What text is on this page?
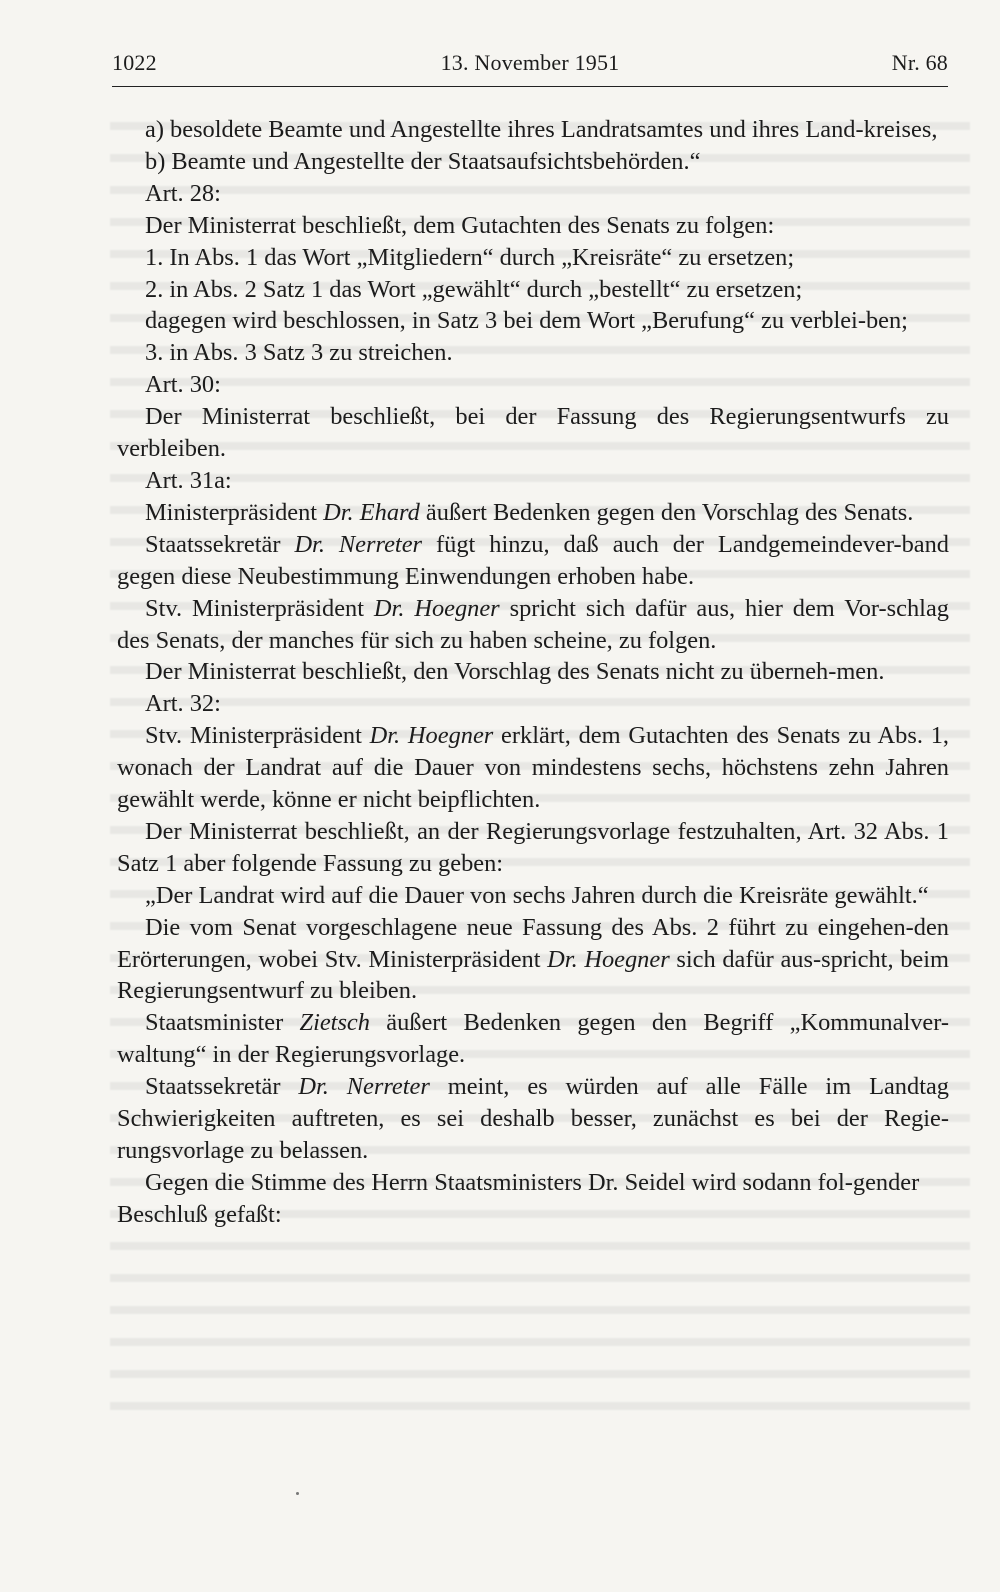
1022	13. November 1951	Nr. 68

a) besoldete Beamte und Angestellte ihres Landratsamtes und ihres Land-kreises,

b) Beamte und Angestellte der Staatsaufsichtsbehörden.“

Art. 28:

Der Ministerrat beschließt, dem Gutachten des Senats zu folgen:

1. In Abs. 1 das Wort „Mitgliedern“ durch „Kreisräte“ zu ersetzen;

2. in Abs. 2 Satz 1 das Wort „gewählt“ durch „bestellt“ zu ersetzen;

dagegen wird beschlossen, in Satz 3 bei dem Wort „Berufung“ zu verblei-ben;

3. in Abs. 3 Satz 3 zu streichen.

Art. 30:

Der Ministerrat beschließt, bei der Fassung des Regierungsentwurfs zu verbleiben.

Art. 31a:

Ministerpräsident Dr. Ehard äußert Bedenken gegen den Vorschlag des Senats.

Staatssekretär Dr. Nerreter fügt hinzu, daß auch der Landgemeindever-band gegen diese Neubestimmung Einwendungen erhoben habe.

Stv. Ministerpräsident Dr. Hoegner spricht sich dafür aus, hier dem Vor-schlag des Senats, der manches für sich zu haben scheine, zu folgen.

Der Ministerrat beschließt, den Vorschlag des Senats nicht zu überneh-men.

Art. 32:

Stv. Ministerpräsident Dr. Hoegner erklärt, dem Gutachten des Senats zu Abs. 1, wonach der Landrat auf die Dauer von mindestens sechs, höchstens zehn Jahren gewählt werde, könne er nicht beipflichten.

Der Ministerrat beschließt, an der Regierungsvorlage festzuhalten, Art. 32 Abs. 1 Satz 1 aber folgende Fassung zu geben:

„Der Landrat wird auf die Dauer von sechs Jahren durch die Kreisräte gewählt.“

Die vom Senat vorgeschlagene neue Fassung des Abs. 2 führt zu eingehen-den Erörterungen, wobei Stv. Ministerpräsident Dr. Hoegner sich dafür aus-spricht, beim Regierungsentwurf zu bleiben.

Staatsminister Zietsch äußert Bedenken gegen den Begriff „Kommunalver-waltung“ in der Regierungsvorlage.

Staatssekretär Dr. Nerreter meint, es würden auf alle Fälle im Landtag Schwierigkeiten auftreten, es sei deshalb besser, zunächst es bei der Regie-rungsvorlage zu belassen.

Gegen die Stimme des Herrn Staatsministers Dr. Seidel wird sodann fol-gender Beschluß gefaßt:
